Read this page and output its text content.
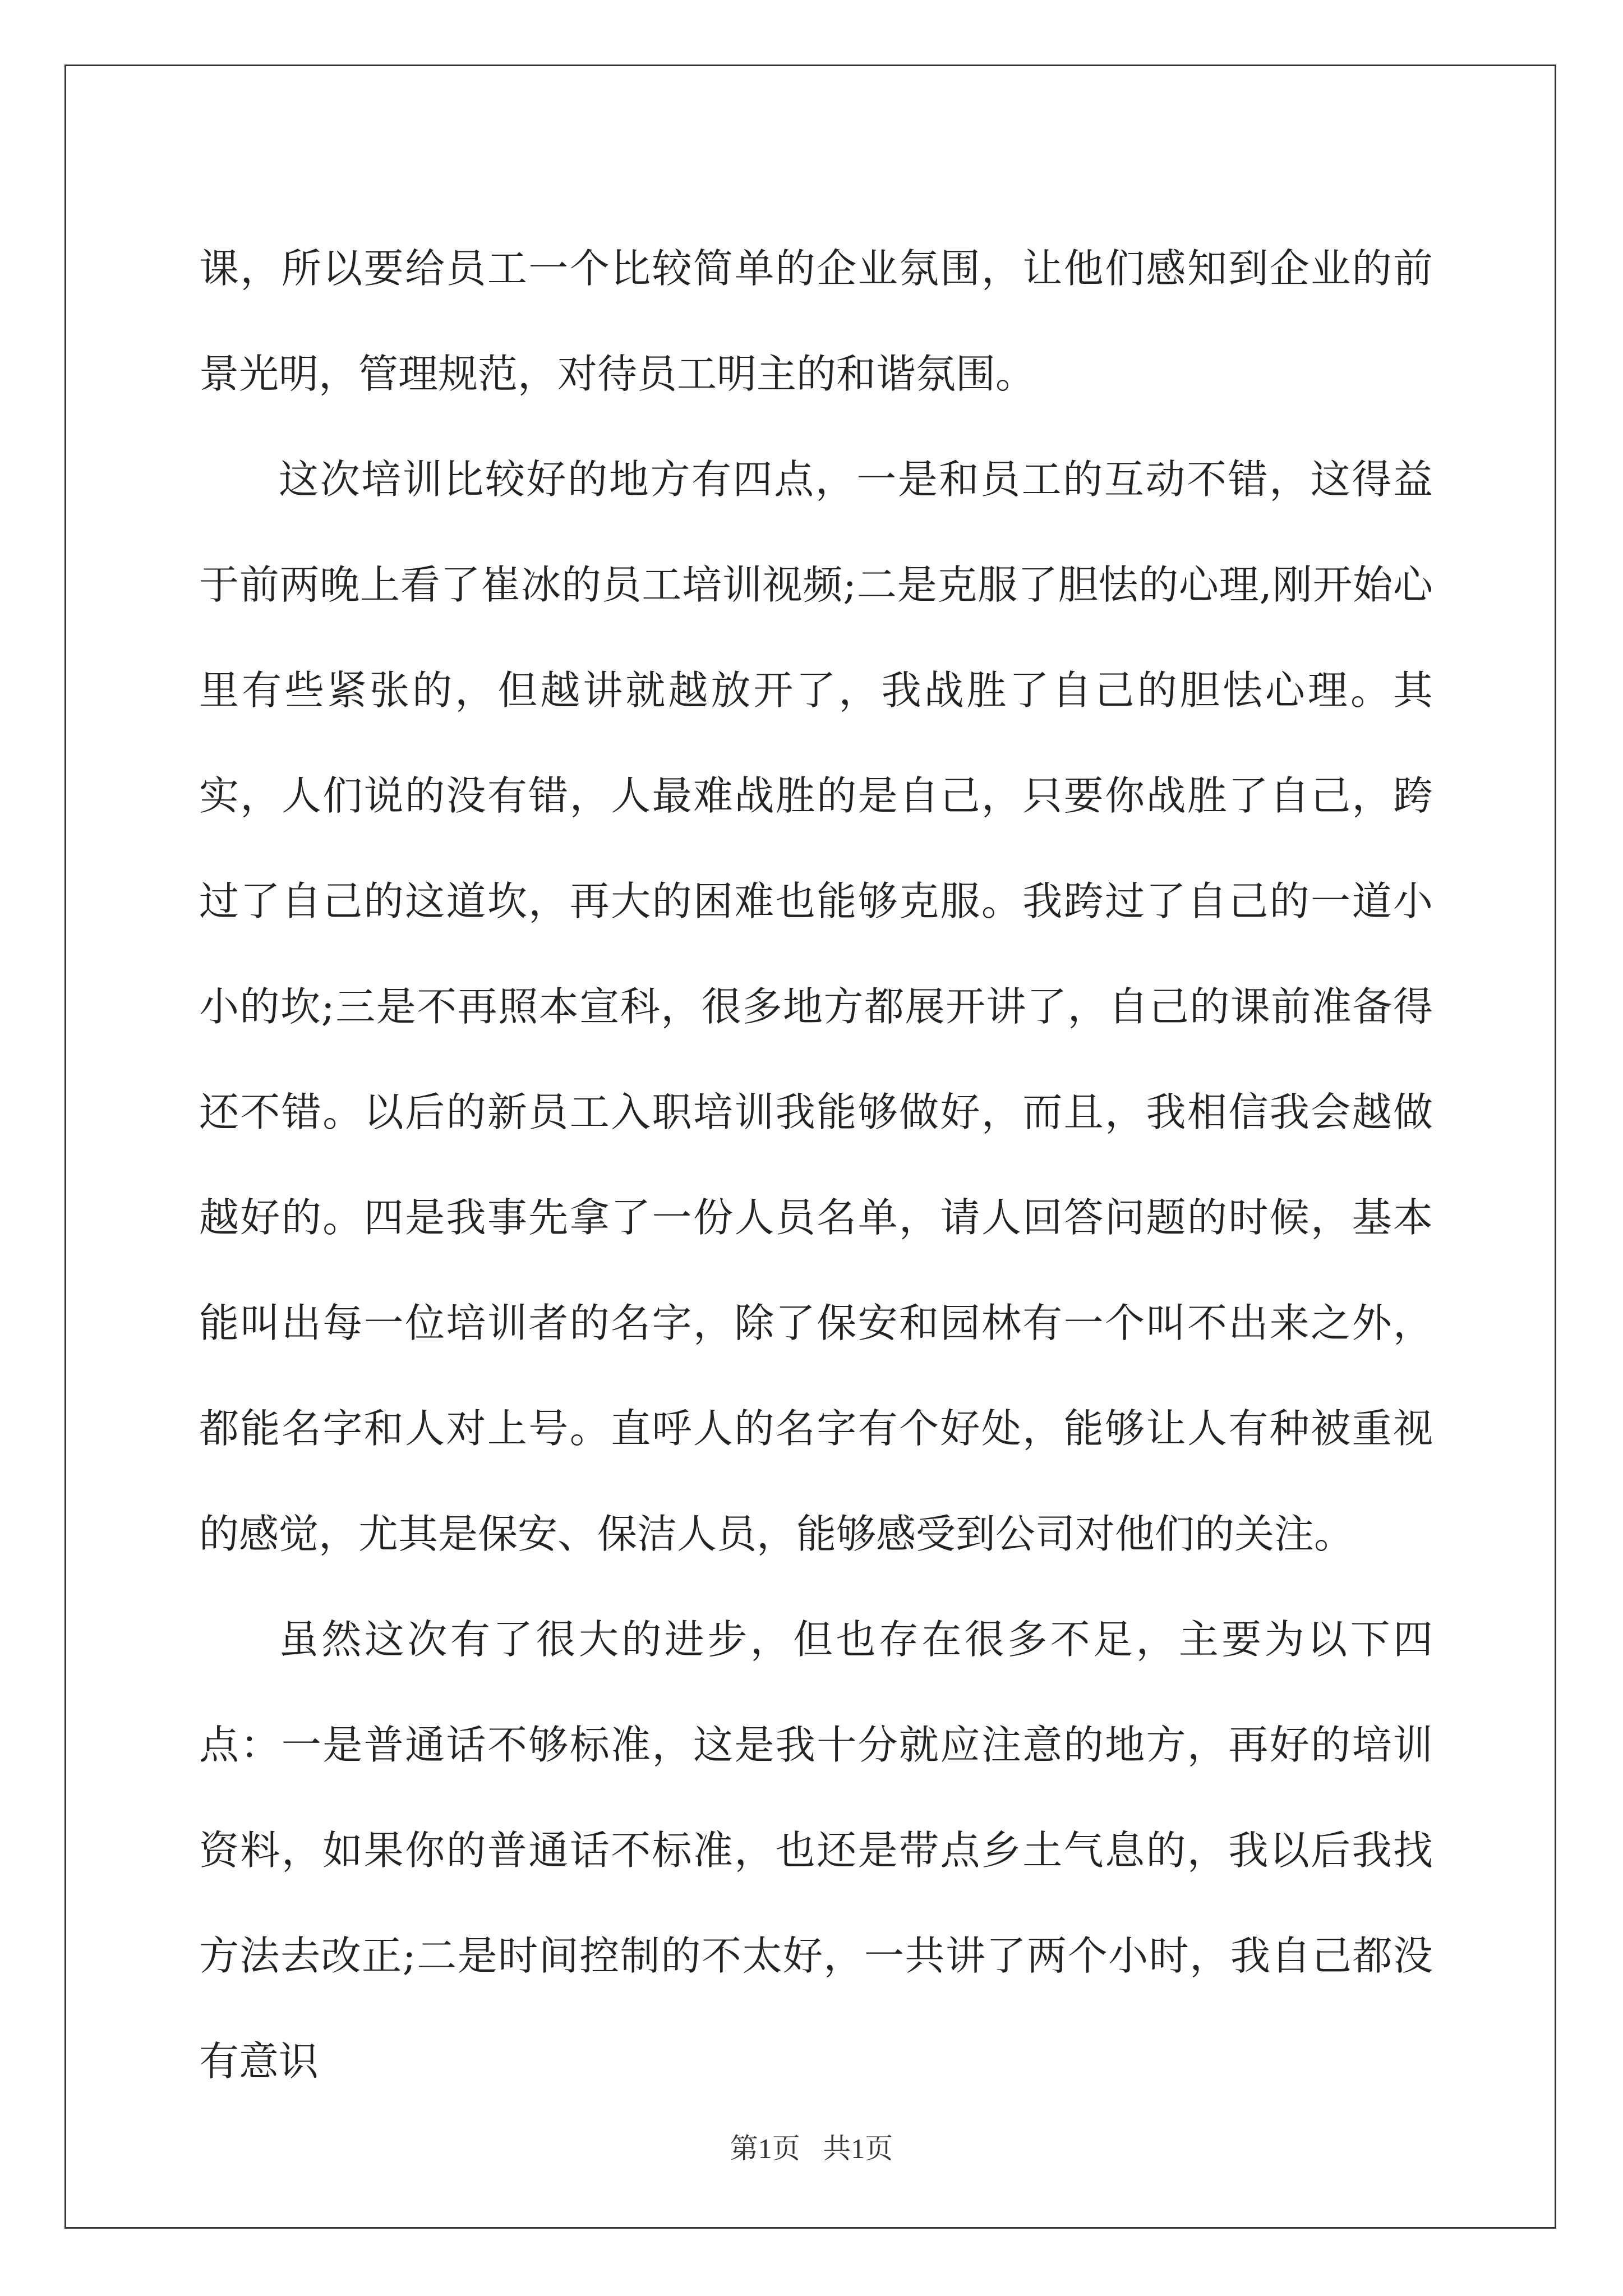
课，所以要给员工一个比较简单的企业氛围，让他们感知到企业的前景光明，管理规范，对待员工明主的和谐氛围。

这次培训比较好的地方有四点，一是和员工的互动不错，这得益于前两晚上看了崔冰的员工培训视频;二是克服了胆怯的心理,刚开始心里有些紧张的，但越讲就越放开了，我战胜了自己的胆怯心理。其实，人们说的没有错，人最难战胜的是自己，只要你战胜了自己，跨过了自己的这道坎，再大的困难也能够克服。我跨过了自己的一道小小的坎;三是不再照本宣科，很多地方都展开讲了，自己的课前准备得还不错。以后的新员工入职培训我能够做好，而且，我相信我会越做越好的。四是我事先拿了一份人员名单，请人回答问题的时候，基本能叫出每一位培训者的名字，除了保安和园林有一个叫不出来之外，都能名字和人对上号。直呼人的名字有个好处，能够让人有种被重视的感觉，尤其是保安、保洁人员，能够感受到公司对他们的关注。

虽然这次有了很大的进步，但也存在很多不足，主要为以下四点：一是普通话不够标准，这是我十分就应注意的地方，再好的培训资料，如果你的普通话不标准，也还是带点乡土气息的，我以后我找方法去改正;二是时间控制的不太好，一共讲了两个小时，我自己都没有意识

第1页 共1页
